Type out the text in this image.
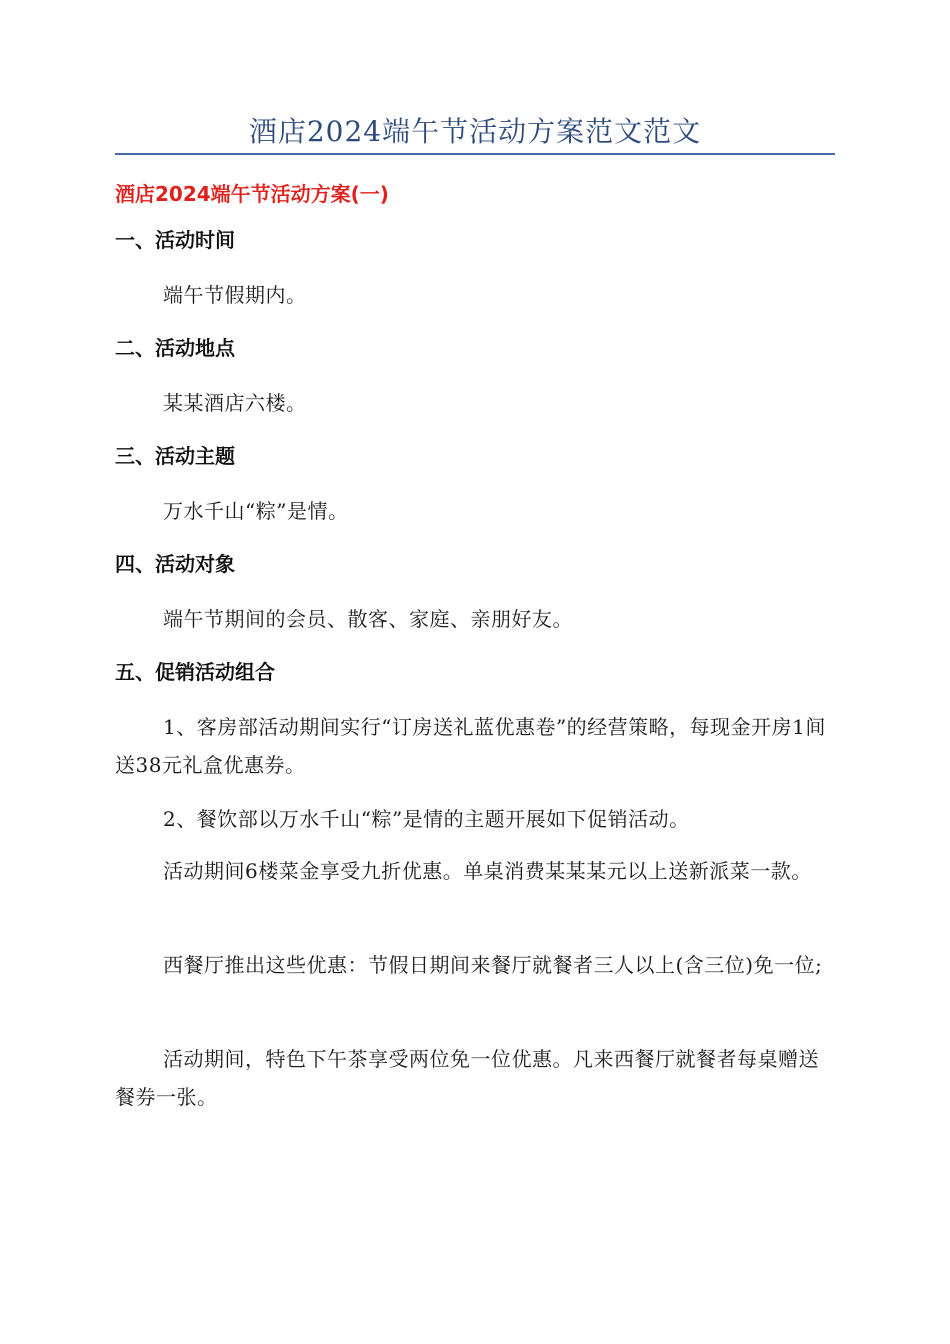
酒店2024端午节活动方案范文范文
酒店2024端午节活动方案(一)
一、活动时间
端午节假期内。
二、活动地点
某某酒店六楼。
三、活动主题
万水千山“粽”是情。
四、活动对象
端午节期间的会员、散客、家庭、亲朋好友。
五、促销活动组合
1、客房部活动期间实行“订房送礼蓝优惠卷”的经营策略，每现金开房1间送38元礼盒优惠券。
2、餐饮部以万水千山“粽”是情的主题开展如下促销活动。
活动期间6楼菜金享受九折优惠。单桌消费某某某元以上送新派菜一款。
西餐厅推出这些优惠：节假日期间来餐厅就餐者三人以上(含三位)免一位;
活动期间，特色下午茶享受两位免一位优惠。凡来西餐厅就餐者每桌赠送餐券一张。
